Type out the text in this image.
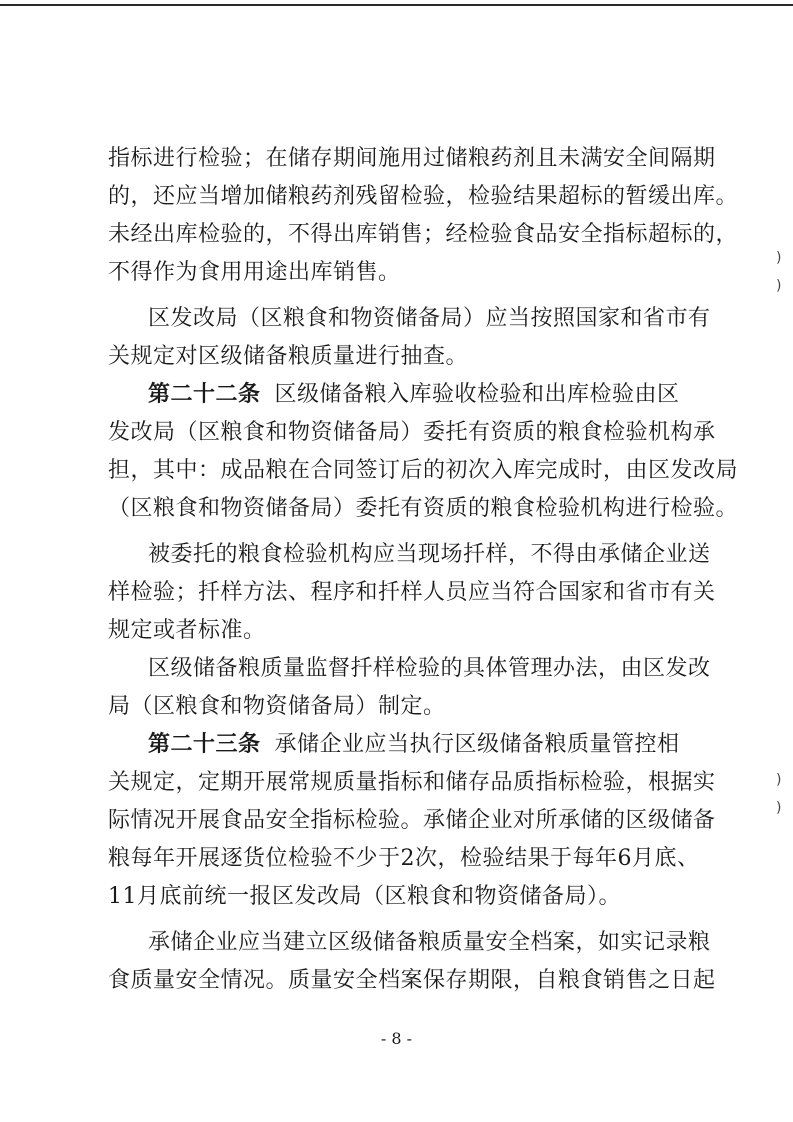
指标进行检验；在储存期间施用过储粮药剂且未满安全间隔期
的，还应当增加储粮药剂残留检验，检验结果超标的暂缓出库。
未经出库检验的，不得出库销售；经检验食品安全指标超标的，
不得作为食用用途出库销售。
区发改局（区粮食和物资储备局）应当按照国家和省市有
关规定对区级储备粮质量进行抽查。
第二十二条 区级储备粮入库验收检验和出库检验由区
发改局（区粮食和物资储备局）委托有资质的粮食检验机构承
担，其中：成品粮在合同签订后的初次入库完成时，由区发改局
（区粮食和物资储备局）委托有资质的粮食检验机构进行检验。
被委托的粮食检验机构应当现场扦样，不得由承储企业送
样检验；扦样方法、程序和扦样人员应当符合国家和省市有关
规定或者标准。
区级储备粮质量监督扦样检验的具体管理办法，由区发改
局（区粮食和物资储备局）制定。
第二十三条 承储企业应当执行区级储备粮质量管控相
关规定，定期开展常规质量指标和储存品质指标检验，根据实
际情况开展食品安全指标检验。承储企业对所承储的区级储备
粮每年开展逐货位检验不少于2次，检验结果于每年6月底、
11月底前统一报区发改局（区粮食和物资储备局）。
承储企业应当建立区级储备粮质量安全档案，如实记录粮
食质量安全情况。质量安全档案保存期限，自粮食销售之日起
- 8 -
)
)
)
)
